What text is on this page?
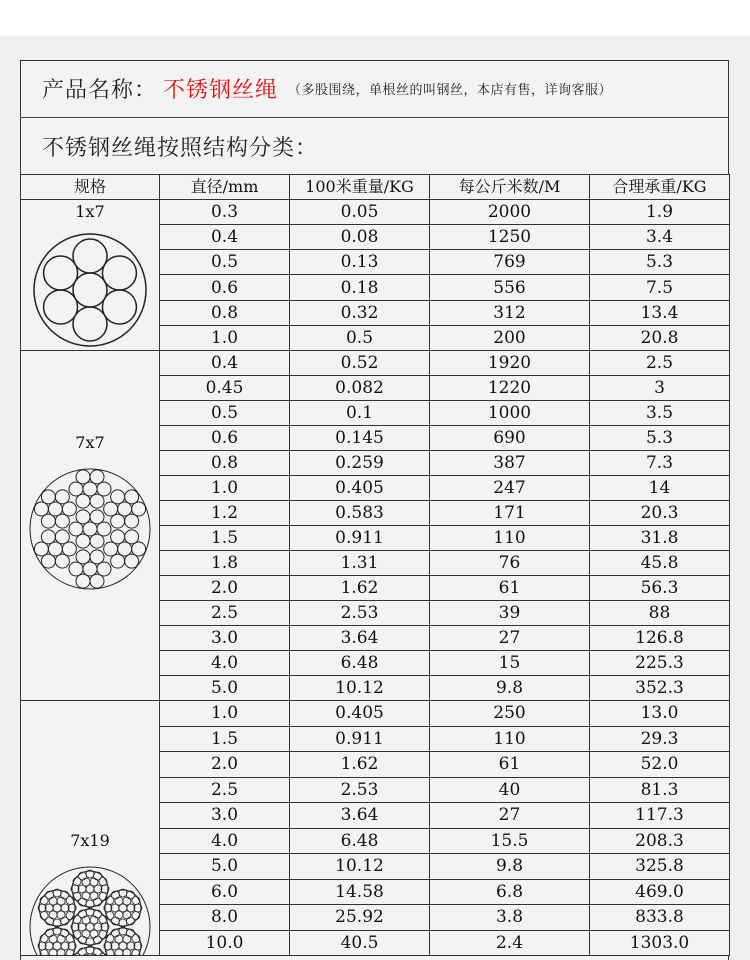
产品名称： 不锈钢丝绳 （多股围绕，单根丝的叫钢丝，本店有售，详询客服）
不锈钢丝绳按照结构分类：
规格	直径/mm	100米重量/KG	每公斤米数/M	合理承重/KG

1x7	0.3	0.05	2000	1.9
	0.4	0.08	1250	3.4
	0.5	0.13	769	5.3
	0.6	0.18	556	7.5
	0.8	0.32	312	13.4
	1.0	0.5	200	20.8

7x7	0.4	0.52	1920	2.5
	0.45	0.082	1220	3
	0.5	0.1	1000	3.5
	0.6	0.145	690	5.3
	0.8	0.259	387	7.3
	1.0	0.405	247	14
	1.2	0.583	171	20.3
	1.5	0.911	110	31.8
	1.8	1.31	76	45.8
	2.0	1.62	61	56.3
	2.5	2.53	39	88
	3.0	3.64	27	126.8
	4.0	6.48	15	225.3
	5.0	10.12	9.8	352.3

7x19	1.0	0.405	250	13.0
	1.5	0.911	110	29.3
	2.0	1.62	61	52.0
	2.5	2.53	40	81.3
	3.0	3.64	27	117.3
	4.0	6.48	15.5	208.3
	5.0	10.12	9.8	325.8
	6.0	14.58	6.8	469.0
	8.0	25.92	3.8	833.8
	10.0	40.5	2.4	1303.0
